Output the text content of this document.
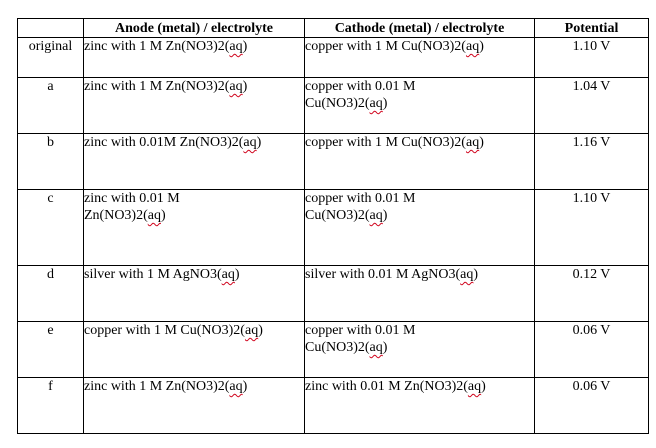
	Anode (metal) / electrolyte	Cathode (metal) / electrolyte	Potential
original	zinc with 1 M Zn(NO3)2(aq)	copper with 1 M Cu(NO3)2(aq)	1.10 V
a	zinc with 1 M Zn(NO3)2(aq)	copper with 0.01 M Cu(NO3)2(aq)	1.04 V
b	zinc with 0.01M Zn(NO3)2(aq)	copper with 1 M Cu(NO3)2(aq)	1.16 V
c	zinc with 0.01 M Zn(NO3)2(aq)	copper with 0.01 M Cu(NO3)2(aq)	1.10 V
d	silver with 1 M AgNO3(aq)	silver with 0.01 M AgNO3(aq)	0.12 V
e	copper with 1 M Cu(NO3)2(aq)	copper with 0.01 M Cu(NO3)2(aq)	0.06 V
f	zinc with 1 M Zn(NO3)2(aq)	zinc with 0.01 M Zn(NO3)2(aq)	0.06 V
